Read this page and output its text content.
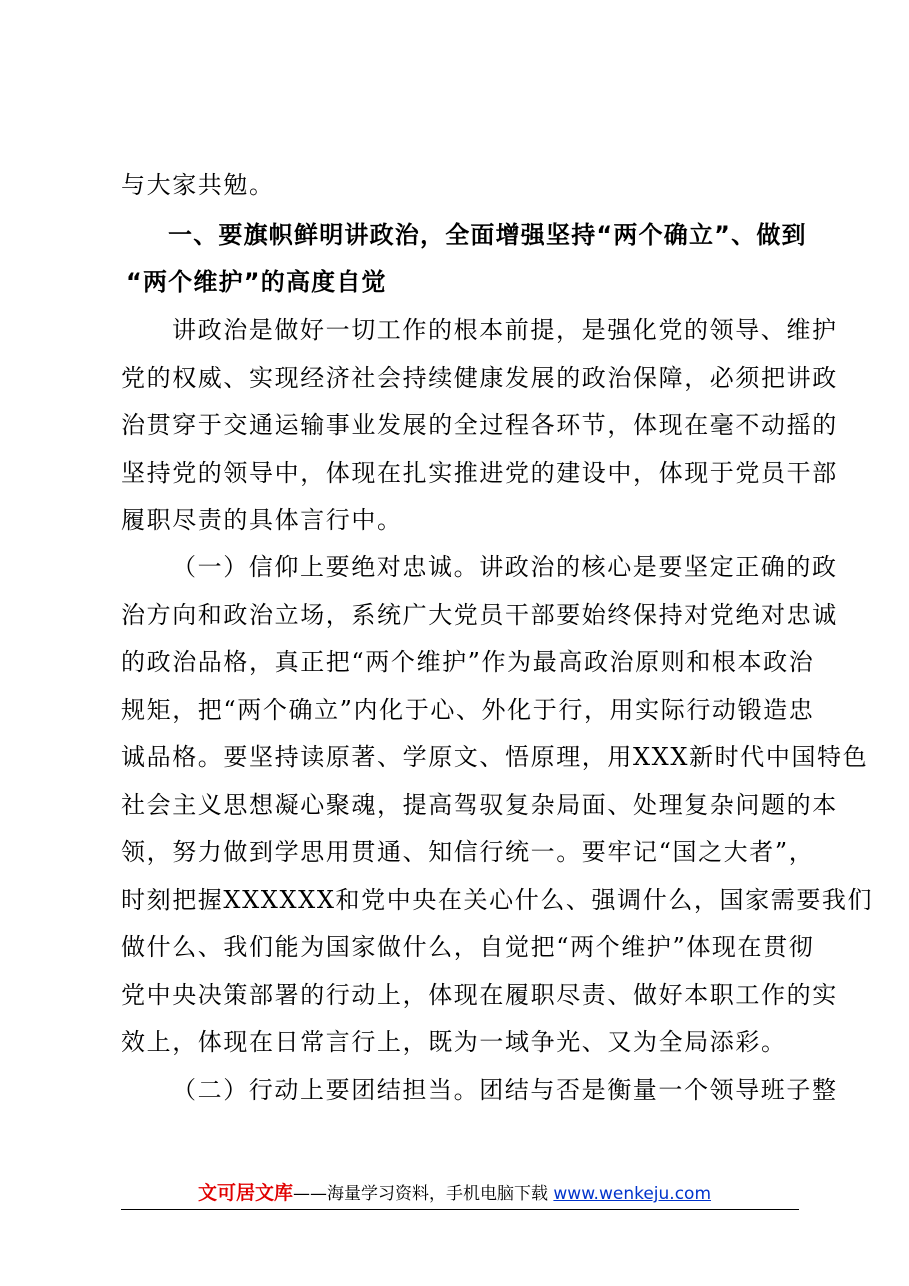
与大家共勉。
一、要旗帜鲜明讲政治，全面增强坚持“两个确立”、做到
“两个维护”的高度自觉
讲政治是做好一切工作的根本前提，是强化党的领导、维护
党的权威、实现经济社会持续健康发展的政治保障，必须把讲政
治贯穿于交通运输事业发展的全过程各环节，体现在毫不动摇的
坚持党的领导中，体现在扎实推进党的建设中，体现于党员干部
履职尽责的具体言行中。
（一）信仰上要绝对忠诚。讲政治的核心是要坚定正确的政
治方向和政治立场，系统广大党员干部要始终保持对党绝对忠诚
的政治品格，真正把“两个维护”作为最高政治原则和根本政治
规矩，把“两个确立”内化于心、外化于行，用实际行动锻造忠
诚品格。要坚持读原著、学原文、悟原理，用XXX新时代中国特色
社会主义思想凝心聚魂，提高驾驭复杂局面、处理复杂问题的本
领，努力做到学思用贯通、知信行统一。要牢记“国之大者”，
时刻把握XXXXXX和党中央在关心什么、强调什么，国家需要我们
做什么、我们能为国家做什么，自觉把“两个维护”体现在贯彻
党中央决策部署的行动上，体现在履职尽责、做好本职工作的实
效上，体现在日常言行上，既为一域争光、又为全局添彩。
（二）行动上要团结担当。团结与否是衡量一个领导班子整
文可居文库——海量学习资料，手机电脑下载 www.wenkeju.com
